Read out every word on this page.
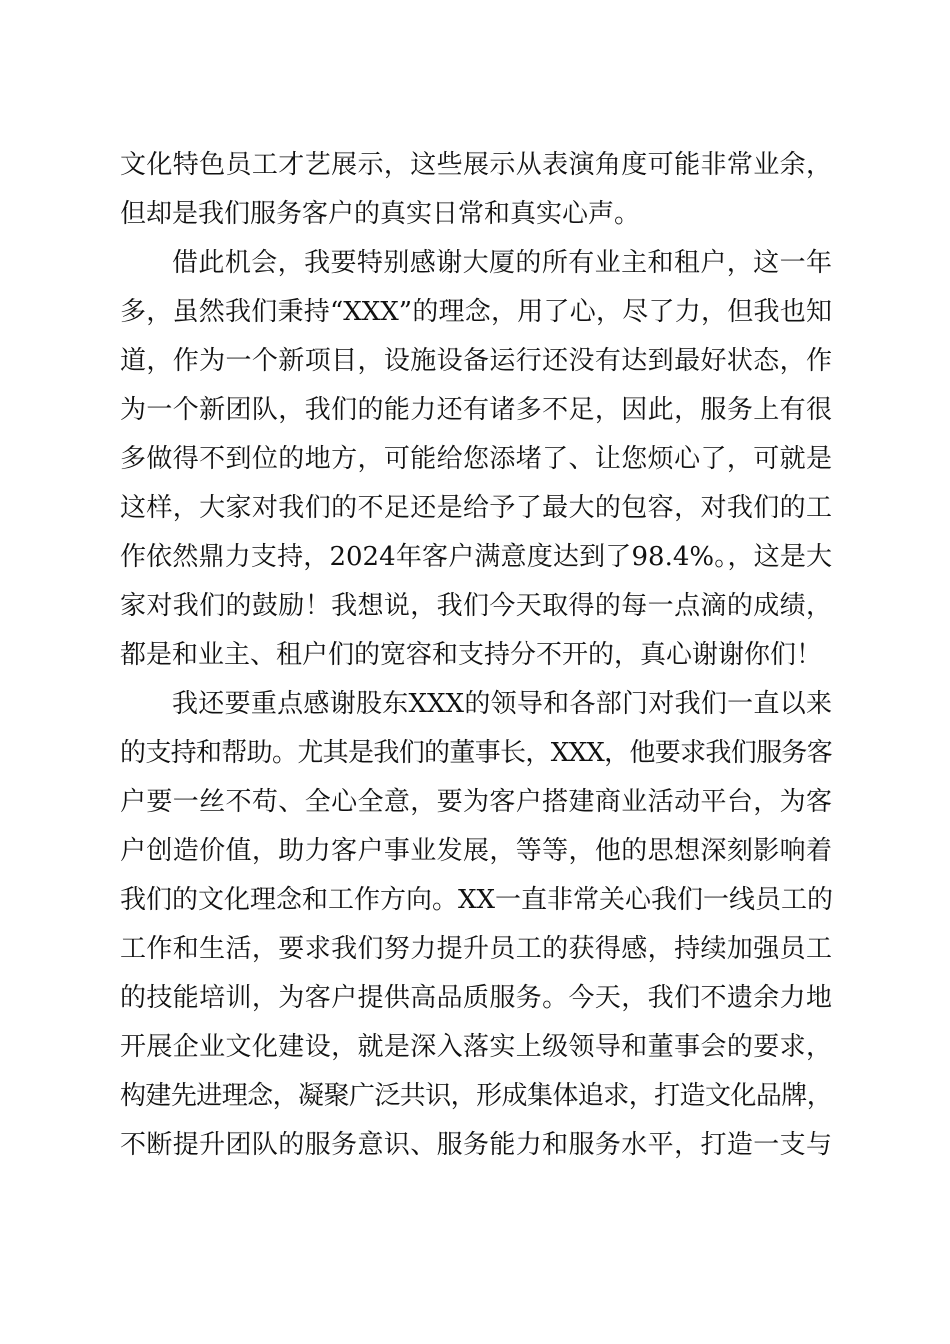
文化特色员工才艺展示，这些展示从表演角度可能非常业余，
但却是我们服务客户的真实日常和真实心声。
借此机会，我要特别感谢大厦的所有业主和租户，这一年
多，虽然我们秉持“XXX”的理念，用了心，尽了力，但我也知
道，作为一个新项目，设施设备运行还没有达到最好状态，作
为一个新团队，我们的能力还有诸多不足，因此，服务上有很
多做得不到位的地方，可能给您添堵了、让您烦心了，可就是
这样，大家对我们的不足还是给予了最大的包容，对我们的工
作依然鼎力支持，2024年客户满意度达到了98.4%。，这是大
家对我们的鼓励！我想说，我们今天取得的每一点滴的成绩，
都是和业主、租户们的宽容和支持分不开的，真心谢谢你们！
我还要重点感谢股东XXX的领导和各部门对我们一直以来
的支持和帮助。尤其是我们的董事长，XXX，他要求我们服务客
户要一丝不苟、全心全意，要为客户搭建商业活动平台，为客
户创造价值，助力客户事业发展，等等，他的思想深刻影响着
我们的文化理念和工作方向。XX一直非常关心我们一线员工的
工作和生活，要求我们努力提升员工的获得感，持续加强员工
的技能培训，为客户提供高品质服务。今天，我们不遗余力地
开展企业文化建设，就是深入落实上级领导和董事会的要求，
构建先进理念，凝聚广泛共识，形成集体追求，打造文化品牌，
不断提升团队的服务意识、服务能力和服务水平，打造一支与
